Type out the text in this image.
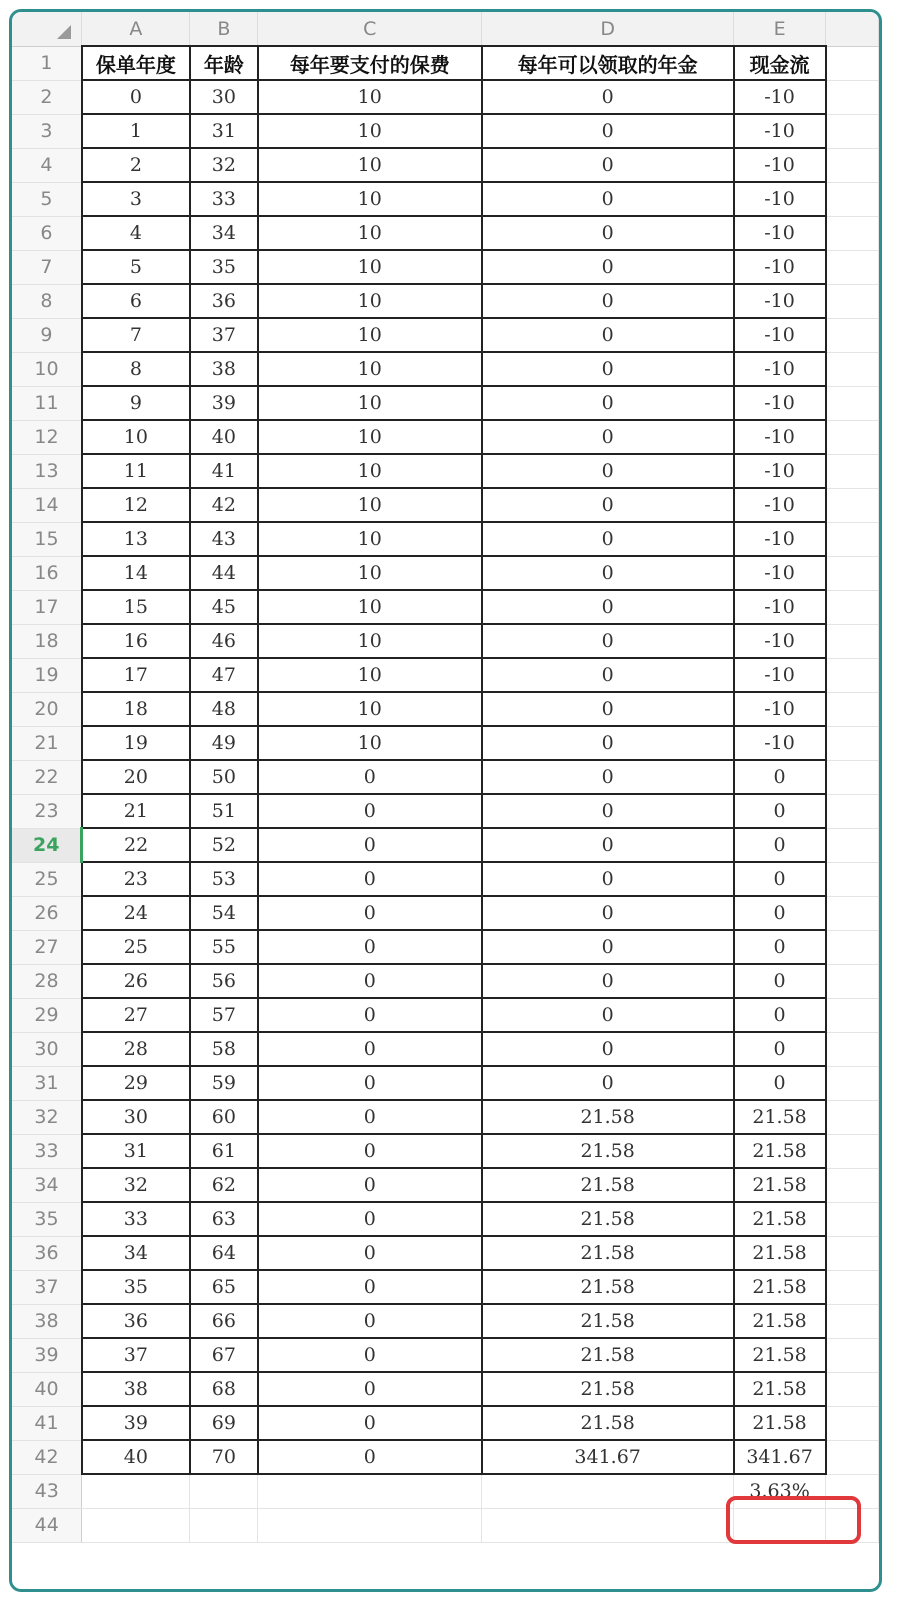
	A	B	C	D	E	
1	保单年度	年龄	每年要支付的保费	每年可以领取的年金	现金流	
2	0	30	10	0	-10	
3	1	31	10	0	-10	
4	2	32	10	0	-10	
5	3	33	10	0	-10	
6	4	34	10	0	-10	
7	5	35	10	0	-10	
8	6	36	10	0	-10	
9	7	37	10	0	-10	
10	8	38	10	0	-10	
11	9	39	10	0	-10	
12	10	40	10	0	-10	
13	11	41	10	0	-10	
14	12	42	10	0	-10	
15	13	43	10	0	-10	
16	14	44	10	0	-10	
17	15	45	10	0	-10	
18	16	46	10	0	-10	
19	17	47	10	0	-10	
20	18	48	10	0	-10	
21	19	49	10	0	-10	
22	20	50	0	0	0	
23	21	51	0	0	0	
24	22	52	0	0	0	
25	23	53	0	0	0	
26	24	54	0	0	0	
27	25	55	0	0	0	
28	26	56	0	0	0	
29	27	57	0	0	0	
30	28	58	0	0	0	
31	29	59	0	0	0	
32	30	60	0	21.58	21.58	
33	31	61	0	21.58	21.58	
34	32	62	0	21.58	21.58	
35	33	63	0	21.58	21.58	
36	34	64	0	21.58	21.58	
37	35	65	0	21.58	21.58	
38	36	66	0	21.58	21.58	
39	37	67	0	21.58	21.58	
40	38	68	0	21.58	21.58	
41	39	69	0	21.58	21.58	
42	40	70	0	341.67	341.67	
43					3.63%	
44						
